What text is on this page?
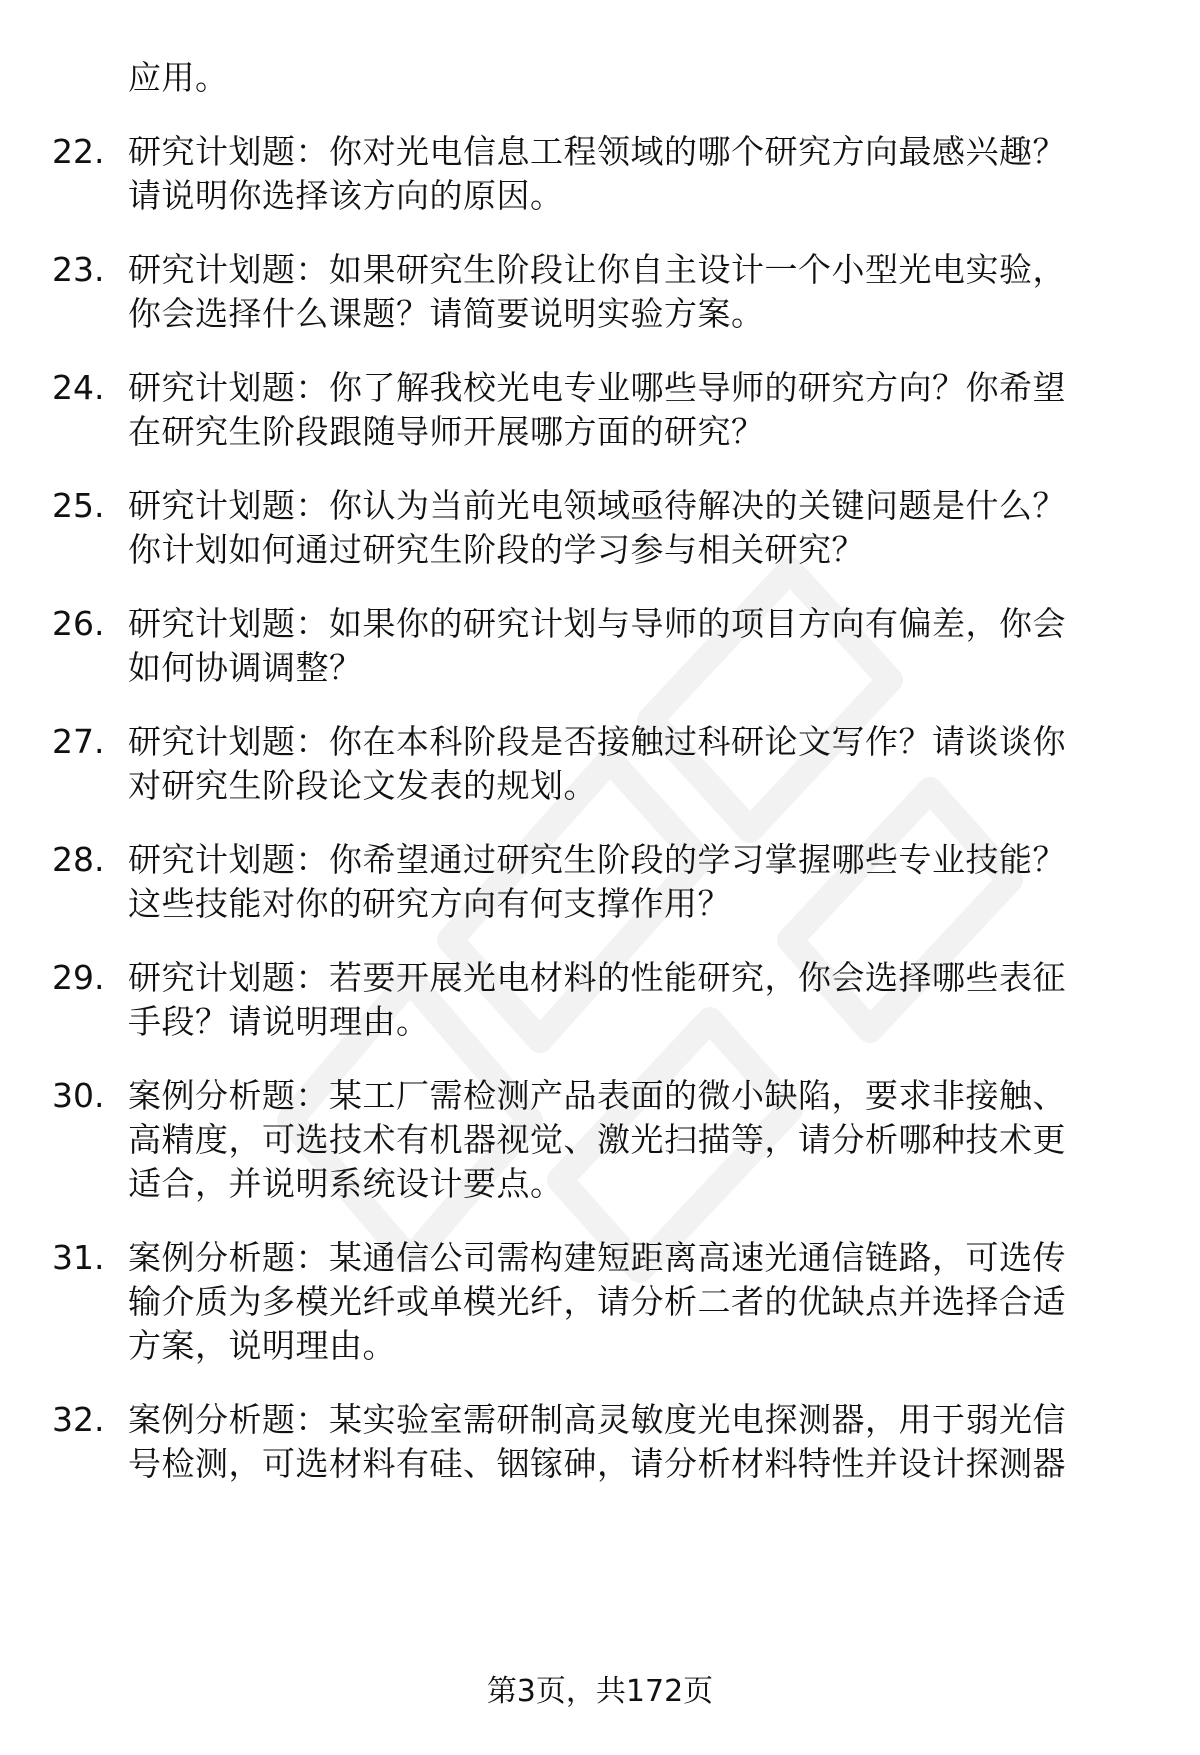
应用。
22. 研究计划题：你对光电信息工程领域的哪个研究方向最感兴趣？
请说明你选择该方向的原因。
23. 研究计划题：如果研究生阶段让你自主设计一个小型光电实验，
你会选择什么课题？请简要说明实验方案。
24. 研究计划题：你了解我校光电专业哪些导师的研究方向？你希望
在研究生阶段跟随导师开展哪方面的研究？
25. 研究计划题：你认为当前光电领域亟待解决的关键问题是什么？
你计划如何通过研究生阶段的学习参与相关研究？
26. 研究计划题：如果你的研究计划与导师的项目方向有偏差，你会
如何协调调整？
27. 研究计划题：你在本科阶段是否接触过科研论文写作？请谈谈你
对研究生阶段论文发表的规划。
28. 研究计划题：你希望通过研究生阶段的学习掌握哪些专业技能？
这些技能对你的研究方向有何支撑作用？
29. 研究计划题：若要开展光电材料的性能研究，你会选择哪些表征
手段？请说明理由。
30. 案例分析题：某工厂需检测产品表面的微小缺陷，要求非接触、
高精度，可选技术有机器视觉、激光扫描等，请分析哪种技术更
适合，并说明系统设计要点。
31. 案例分析题：某通信公司需构建短距离高速光通信链路，可选传
输介质为多模光纤或单模光纤，请分析二者的优缺点并选择合适
方案，说明理由。
32. 案例分析题：某实验室需研制高灵敏度光电探测器，用于弱光信
号检测，可选材料有硅、铟镓砷，请分析材料特性并设计探测器
第3页，共172页
